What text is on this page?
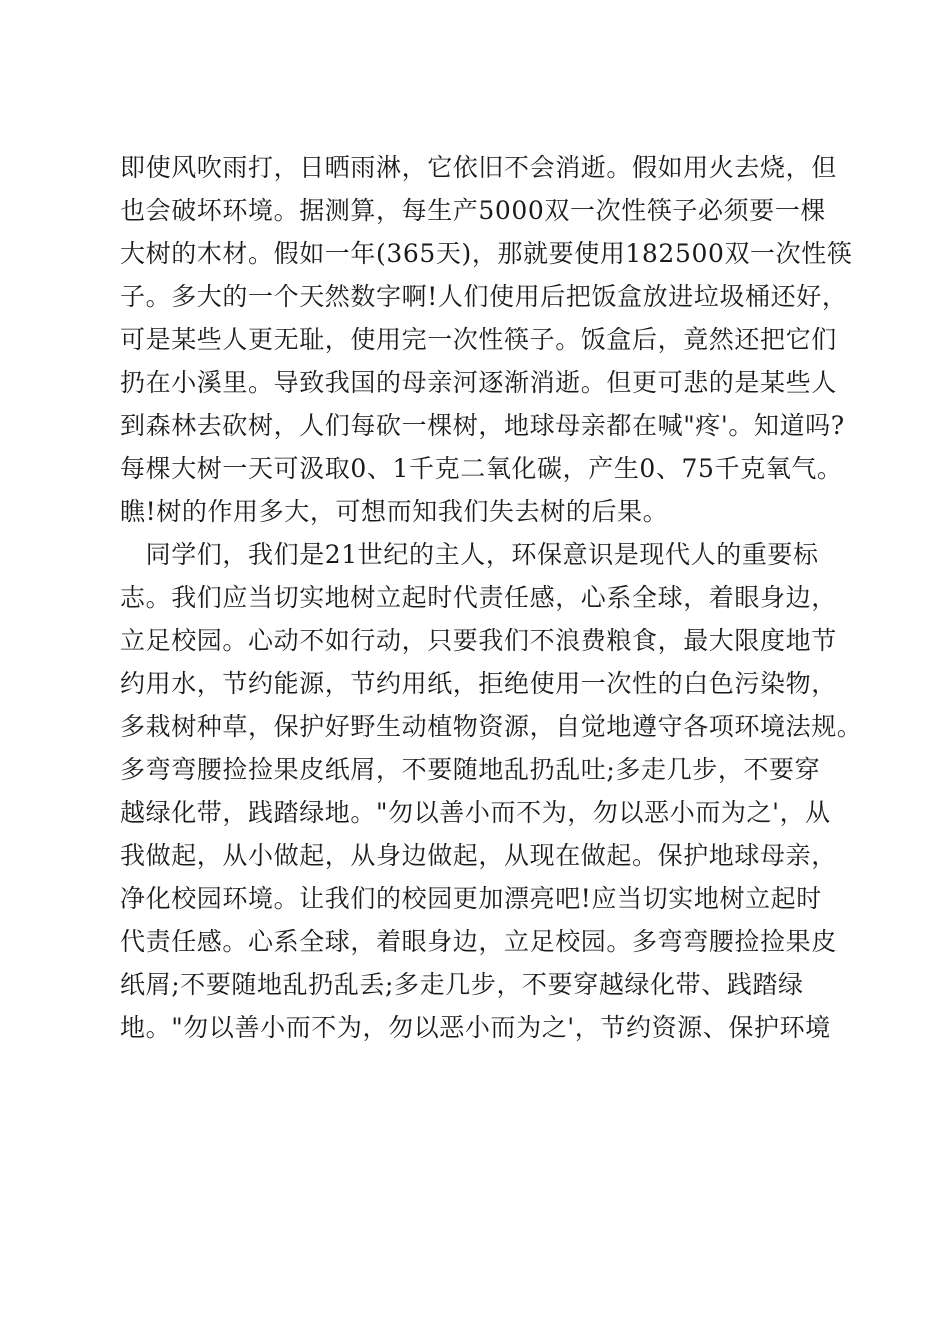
即使风吹雨打，日晒雨淋，它依旧不会消逝。假如用火去烧，但
也会破坏环境。据测算，每生产5000双一次性筷子必须要一棵
大树的木材。假如一年(365天)，那就要使用182500双一次性筷
子。多大的一个天然数字啊!人们使用后把饭盒放进垃圾桶还好，
可是某些人更无耻，使用完一次性筷子。饭盒后，竟然还把它们
扔在小溪里。导致我国的母亲河逐渐消逝。但更可悲的是某些人
到森林去砍树，人们每砍一棵树，地球母亲都在喊"疼'。知道吗?
每棵大树一天可汲取0、1千克二氧化碳，产生0、75千克氧气。
瞧!树的作用多大，可想而知我们失去树的后果。
　同学们，我们是21世纪的主人，环保意识是现代人的重要标
志。我们应当切实地树立起时代责任感，心系全球，着眼身边，
立足校园。心动不如行动，只要我们不浪费粮食，最大限度地节
约用水，节约能源，节约用纸，拒绝使用一次性的白色污染物，
多栽树种草，保护好野生动植物资源，自觉地遵守各项环境法规。
多弯弯腰捡捡果皮纸屑，不要随地乱扔乱吐;多走几步，不要穿
越绿化带，践踏绿地。"勿以善小而不为，勿以恶小而为之'，从
我做起，从小做起，从身边做起，从现在做起。保护地球母亲，
净化校园环境。让我们的校园更加漂亮吧!应当切实地树立起时
代责任感。心系全球，着眼身边，立足校园。多弯弯腰捡捡果皮
纸屑;不要随地乱扔乱丢;多走几步，不要穿越绿化带、践踏绿
地。"勿以善小而不为，勿以恶小而为之'，节约资源、保护环境
